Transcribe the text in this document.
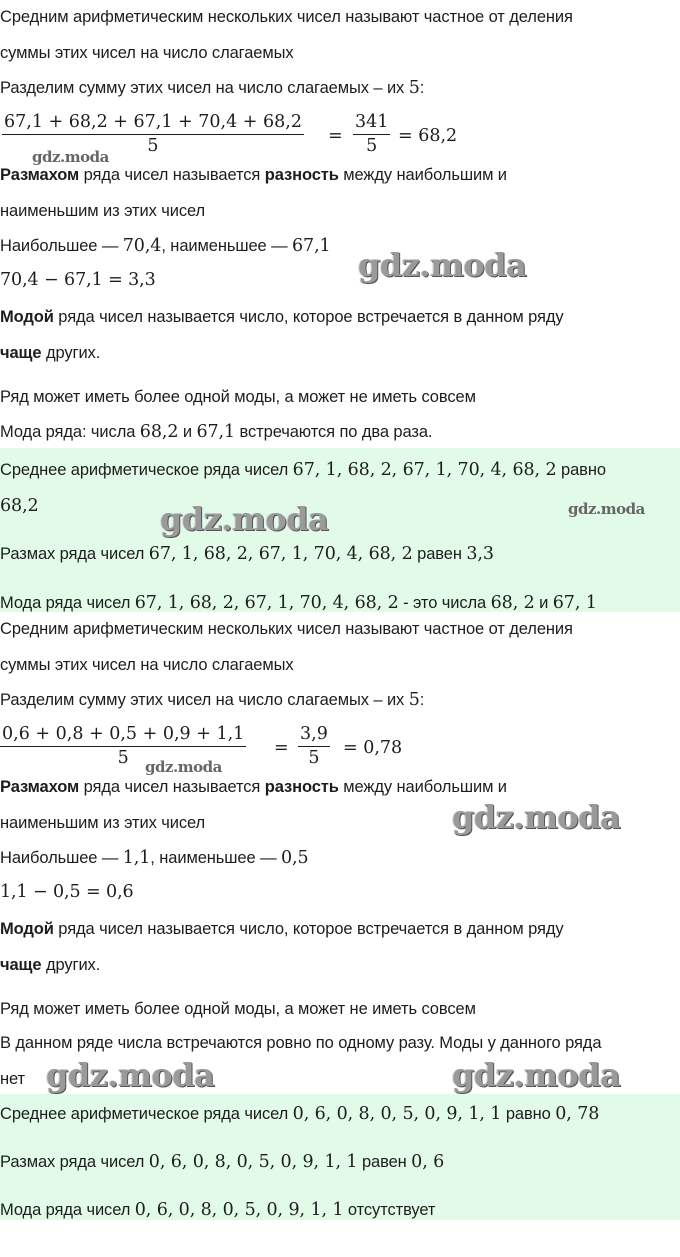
Средним арифметическим нескольких чисел называют частное от деления
суммы этих чисел на число слагаемых
Разделим сумму этих чисел на число слагаемых – их 5:
67,1 + 68,2 + 67,1 + 70,4 + 68,2
5	=
341
5	= 68,2
gdz.moda
Размахом ряда чисел называется разность между наибольшим и
наименьшим из этих чисел
Наибольшее — 70,4, наименьшее — 67,1
70,4 − 67,1 = 3,3	gdz.moda
Модой ряда чисел называется число, которое встречается в данном ряду
чаще других.
Ряд может иметь более одной моды, а может не иметь совсем
Мода ряда: числа 68,2 и 67,1 встречаются по два раза.
Среднее арифметическое ряда чисел 67, 1, 68, 2, 67, 1, 70, 4, 68, 2 равно
68,2	gdz.moda	gdz.moda
Размах ряда чисел 67, 1, 68, 2, 67, 1, 70, 4, 68, 2 равен 3,3
Мода ряда чисел 67, 1, 68, 2, 67, 1, 70, 4, 68, 2 - это числа 68, 2 и 67, 1
Средним арифметическим нескольких чисел называют частное от деления
суммы этих чисел на число слагаемых
Разделим сумму этих чисел на число слагаемых – их 5:
0,6 + 0,8 + 0,5 + 0,9 + 1,1
5	=
3,9
5	= 0,78
gdz.moda
Размахом ряда чисел называется разность между наибольшим и
наименьшим из этих чисел	gdz.moda
Наибольшее — 1,1, наименьшее — 0,5
1,1 − 0,5 = 0,6
Модой ряда чисел называется число, которое встречается в данном ряду
чаще других.
Ряд может иметь более одной моды, а может не иметь совсем
В данном ряде числа встречаются ровно по одному разу. Моды у данного ряда
нет gdz.moda	gdz.moda
Среднее арифметическое ряда чисел 0, 6, 0, 8, 0, 5, 0, 9, 1, 1 равно 0, 78
Размах ряда чисел 0, 6, 0, 8, 0, 5, 0, 9, 1, 1 равен 0, 6
Мода ряда чисел 0, 6, 0, 8, 0, 5, 0, 9, 1, 1 отсутствует
